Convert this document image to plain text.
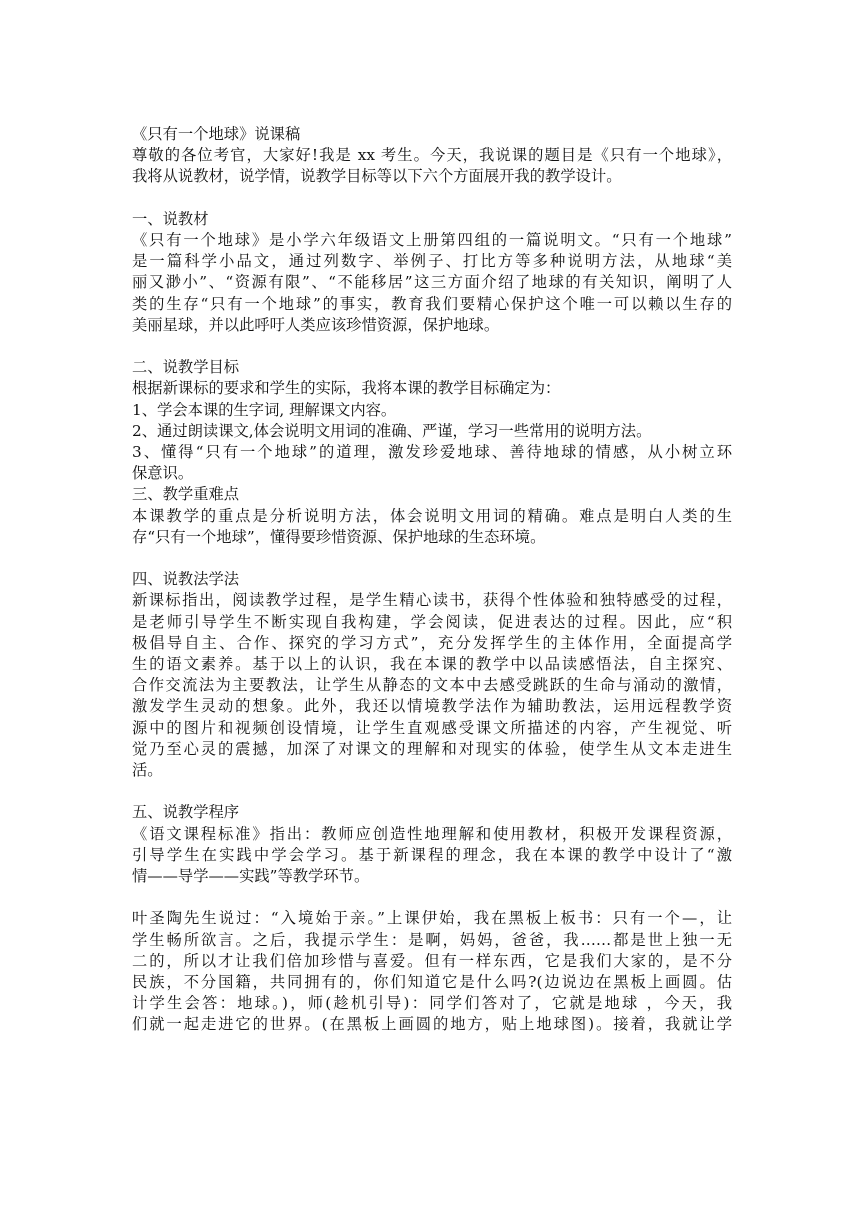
《只有一个地球》说课稿

尊敬的各位考官，大家好!我是 xx 考生。今天，我说课的题目是《只有一个地球》，

我将从说教材，说学情，说教学目标等以下六个方面展开我的教学设计。

一、说教材

《只有一个地球》是小学六年级语文上册第四组的一篇说明文。“只有一个地球”

是一篇科学小品文，通过列数字、举例子、打比方等多种说明方法，从地球“美

丽又渺小”、“资源有限”、“不能移居”这三方面介绍了地球的有关知识，阐明了人

类的生存“只有一个地球”的事实，教育我们要精心保护这个唯一可以赖以生存的

美丽星球，并以此呼吁人类应该珍惜资源，保护地球。

二、说教学目标

根据新课标的要求和学生的实际，我将本课的教学目标确定为：

1、学会本课的生字词, 理解课文内容。

2、通过朗读课文,体会说明文用词的准确、严谨，学习一些常用的说明方法。

3、懂得“只有一个地球”的道理，激发珍爱地球、善待地球的情感，从小树立环

保意识。

三、教学重难点

本课教学的重点是分析说明方法，体会说明文用词的精确。难点是明白人类的生

存“只有一个地球”，懂得要珍惜资源、保护地球的生态环境。

四、说教法学法

新课标指出，阅读教学过程，是学生精心读书，获得个性体验和独特感受的过程，

是老师引导学生不断实现自我构建，学会阅读，促进表达的过程。因此，应“积

极倡导自主、合作、探究的学习方式”，充分发挥学生的主体作用，全面提高学

生的语文素养。基于以上的认识，我在本课的教学中以品读感悟法，自主探究、

合作交流法为主要教法，让学生从静态的文本中去感受跳跃的生命与涌动的激情，

激发学生灵动的想象。此外，我还以情境教学法作为辅助教法，运用远程教学资

源中的图片和视频创设情境，让学生直观感受课文所描述的内容，产生视觉、听

觉乃至心灵的震撼，加深了对课文的理解和对现实的体验，使学生从文本走进生

活。

五、说教学程序

《语文课程标准》指出：教师应创造性地理解和使用教材，积极开发课程资源，

引导学生在实践中学会学习。基于新课程的理念，我在本课的教学中设计了“激

情——导学——实践”等教学环节。

叶圣陶先生说过：“入境始于亲。”上课伊始，我在黑板上板书：只有一个—，让

学生畅所欲言。之后，我提示学生：是啊，妈妈，爸爸，我……都是世上独一无

二的，所以才让我们倍加珍惜与喜爱。但有一样东西，它是我们大家的，是不分

民族，不分国籍，共同拥有的，你们知道它是什么吗?(边说边在黑板上画圆。估

计学生会答：地球。)，师(趁机引导)：同学们答对了，它就是地球 ，今天，我

们就一起走进它的世界。(在黑板上画圆的地方，贴上地球图)。接着，我就让学
